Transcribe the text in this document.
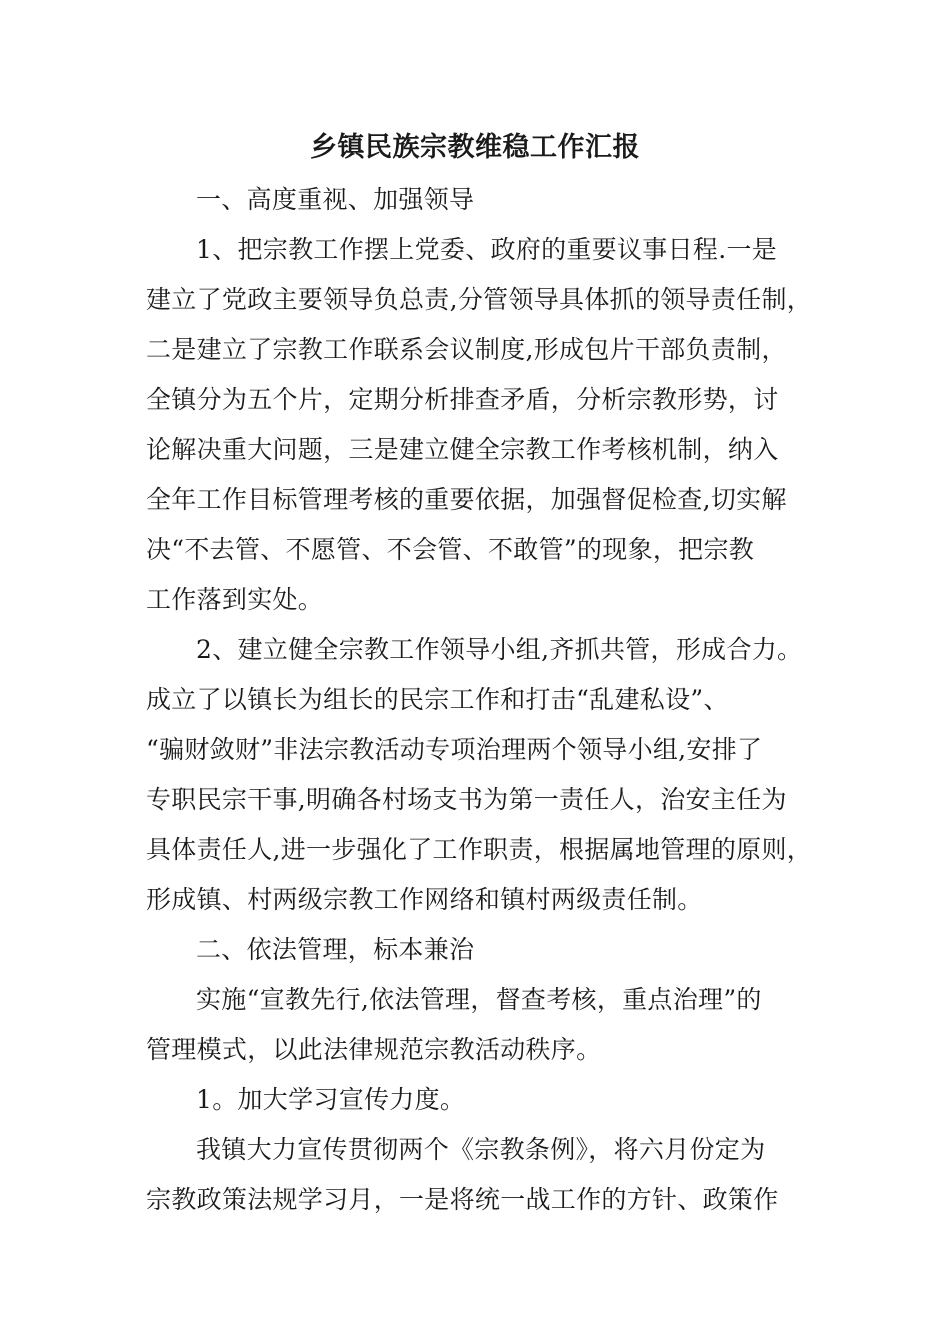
乡镇民族宗教维稳工作汇报

一、高度重视、加强领导

1、把宗教工作摆上党委、政府的重要议事日程.一是

建立了党政主要领导负总责,分管领导具体抓的领导责任制，

二是建立了宗教工作联系会议制度,形成包片干部负责制，

全镇分为五个片，定期分析排查矛盾，分析宗教形势，讨

论解决重大问题，三是建立健全宗教工作考核机制，纳入

全年工作目标管理考核的重要依据，加强督促检查,切实解

决“不去管、不愿管、不会管、不敢管”的现象，把宗教

工作落到实处。

2、建立健全宗教工作领导小组,齐抓共管，形成合力。

成立了以镇长为组长的民宗工作和打击“乱建私设”、

“骗财敛财”非法宗教活动专项治理两个领导小组,安排了

专职民宗干事,明确各村场支书为第一责任人，治安主任为

具体责任人,进一步强化了工作职责，根据属地管理的原则，

形成镇、村两级宗教工作网络和镇村两级责任制。

二、依法管理，标本兼治

实施“宣教先行,依法管理，督查考核，重点治理”的

管理模式，以此法律规范宗教活动秩序。

1。加大学习宣传力度。

我镇大力宣传贯彻两个《宗教条例》，将六月份定为

宗教政策法规学习月，一是将统一战工作的方针、政策作
